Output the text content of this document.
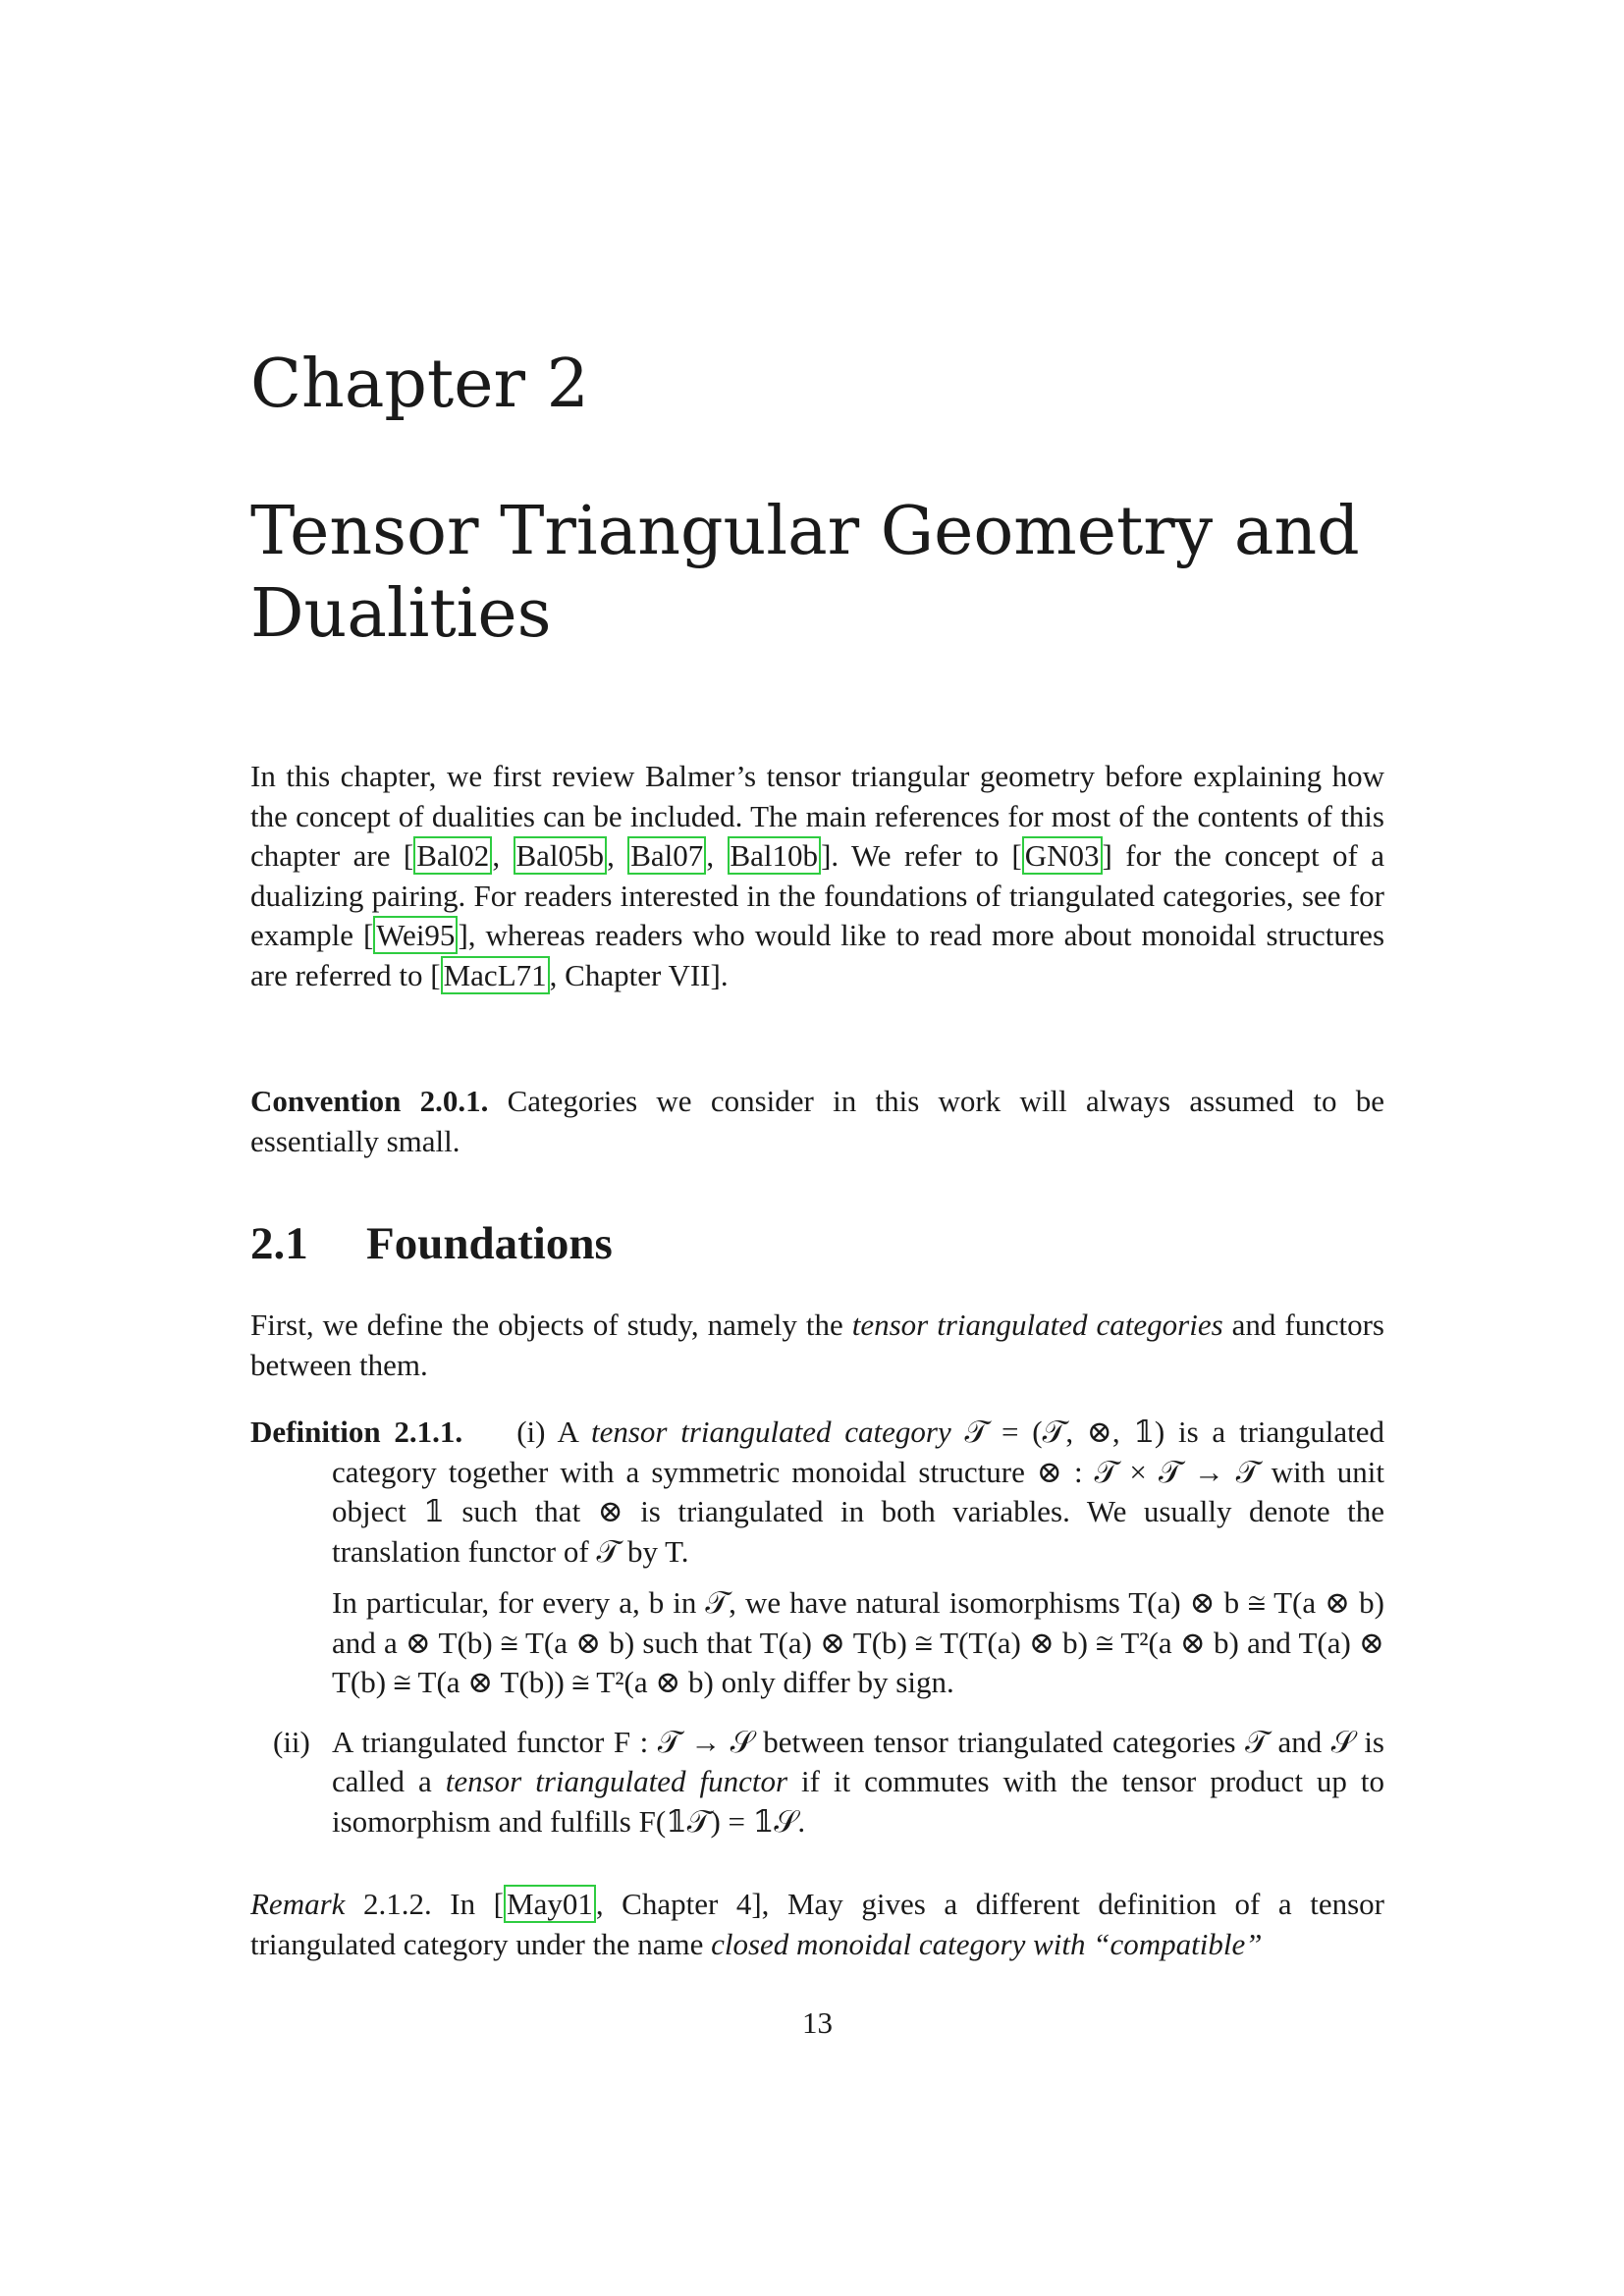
Chapter 2
Tensor Triangular Geometry and
Dualities

In this chapter, we first review Balmer’s tensor triangular geometry before explaining how the concept of dualities can be included. The main references for most of the contents of this chapter are [Bal02, Bal05b, Bal07, Bal10b]. We refer to [GN03] for the concept of a dualizing pairing. For readers interested in the foundations of triangulated categories, see for example [Wei95], whereas readers who would like to read more about monoidal structures are referred to [MacL71, Chapter VII].

Convention 2.0.1. Categories we consider in this work will always assumed to be essentially small.

2.1 Foundations

First, we define the objects of study, namely the tensor triangulated categories and functors between them.

Definition 2.1.1. (i) A tensor triangulated category 𝒯 = (𝒯, ⊗, 𝟙) is a triangulated category together with a symmetric monoidal structure ⊗ : 𝒯 × 𝒯 → 𝒯 with unit object 𝟙 such that ⊗ is triangulated in both variables. We usually denote the translation functor of 𝒯 by T.

In particular, for every a, b in 𝒯, we have natural isomorphisms T(a) ⊗ b ≅ T(a ⊗ b) and a ⊗ T(b) ≅ T(a ⊗ b) such that T(a) ⊗ T(b) ≅ T(T(a) ⊗ b) ≅ T²(a ⊗ b) and T(a) ⊗ T(b) ≅ T(a ⊗ T(b)) ≅ T²(a ⊗ b) only differ by sign.

(ii) A triangulated functor F : 𝒯 → 𝒮 between tensor triangulated categories 𝒯 and 𝒮 is called a tensor triangulated functor if it commutes with the tensor product up to isomorphism and fulfills F(𝟙𝒯) = 𝟙𝒮.

Remark 2.1.2. In [May01, Chapter 4], May gives a different definition of a tensor triangulated category under the name closed monoidal category with “compatible”

13
